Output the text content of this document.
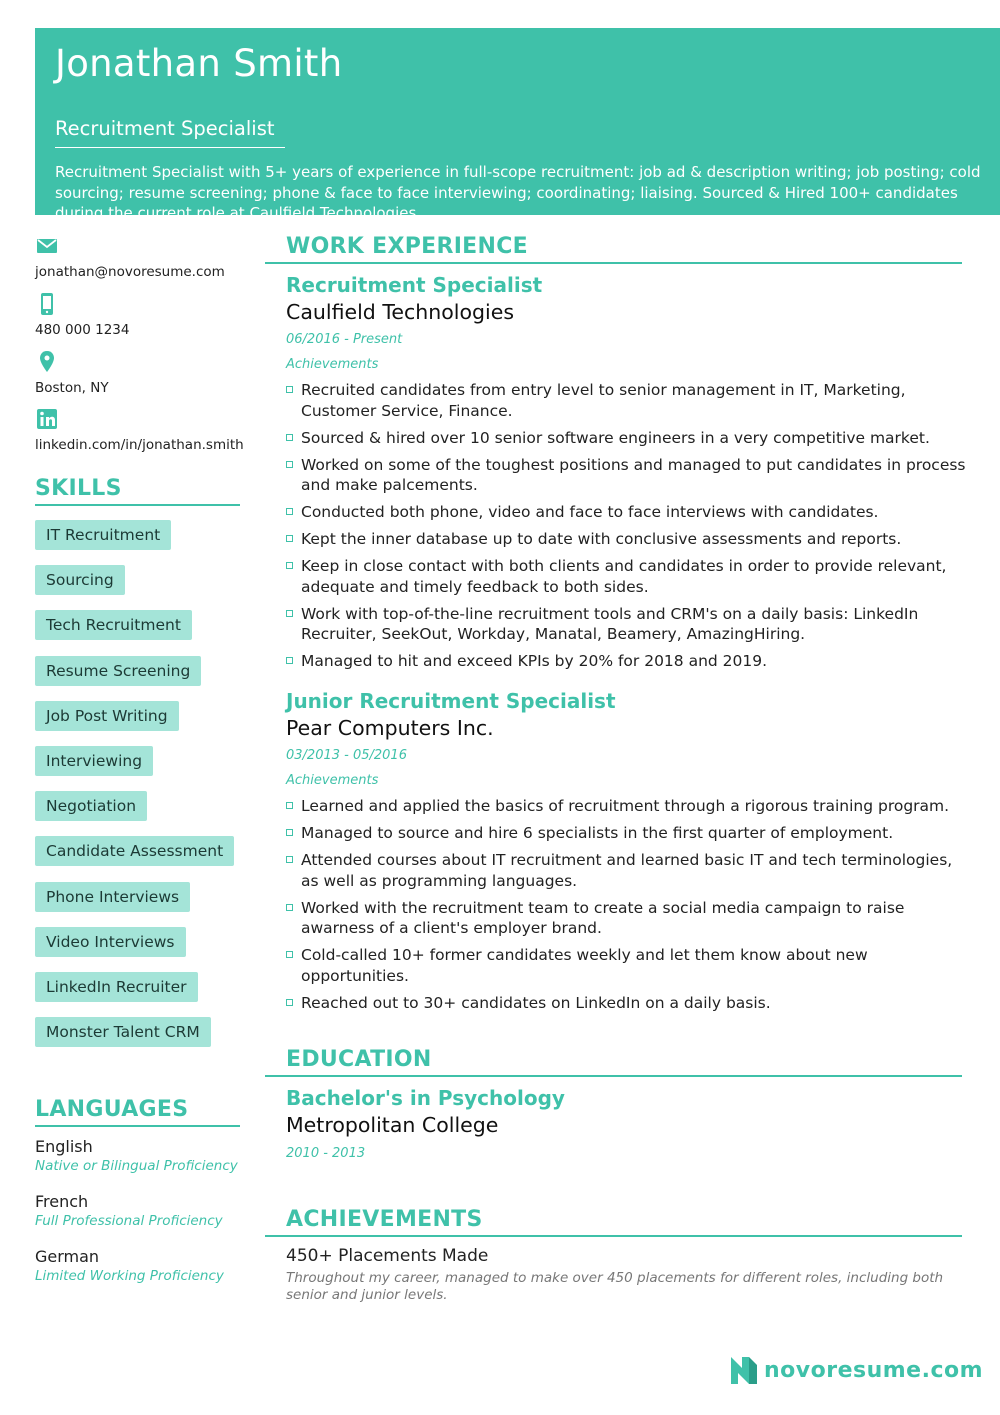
Jonathan Smith
Recruitment Specialist

Recruitment Specialist with 5+ years of experience in full-scope recruitment: job ad & description writing; job posting; cold sourcing; resume screening; phone & face to face interviewing; coordinating; liaising. Sourced & Hired 100+ candidates during the current role at Caulfield Technologies.

jonathan@novoresume.com
480 000 1234
Boston, NY
linkedin.com/in/jonathan.smith
SKILLS
IT Recruitment
Sourcing
Tech Recruitment
Resume Screening
Job Post Writing
Interviewing
Negotiation
Candidate Assessment
Phone Interviews
Video Interviews
LinkedIn Recruiter
Monster Talent CRM
LANGUAGES
English
Native or Bilingual Proficiency
French
Full Professional Proficiency
German
Limited Working Proficiency
WORK EXPERIENCE
Recruitment Specialist
Caulfield Technologies
06/2016 - Present
Achievements
Recruited candidates from entry level to senior management in IT, Marketing, Customer Service, Finance.
Sourced & hired over 10 senior software engineers in a very competitive market.
Worked on some of the toughest positions and managed to put candidates in process and make palcements.
Conducted both phone, video and face to face interviews with candidates.
Kept the inner database up to date with conclusive assessments and reports.
Keep in close contact with both clients and candidates in order to provide relevant, adequate and timely feedback to both sides.
Work with top-of-the-line recruitment tools and CRM's on a daily basis: LinkedIn Recruiter, SeekOut, Workday, Manatal, Beamery, AmazingHiring.
Managed to hit and exceed KPIs by 20% for 2018 and 2019.
Junior Recruitment Specialist
Pear Computers Inc.
03/2013 - 05/2016
Achievements
Learned and applied the basics of recruitment through a rigorous training program.
Managed to source and hire 6 specialists in the first quarter of employment.
Attended courses about IT recruitment and learned basic IT and tech terminologies, as well as programming languages.
Worked with the recruitment team to create a social media campaign to raise awarness of a client's employer brand.
Cold-called 10+ former candidates weekly and let them know about new opportunities.
Reached out to 30+ candidates on LinkedIn on a daily basis.
EDUCATION
Bachelor's in Psychology
Metropolitan College
2010 - 2013
ACHIEVEMENTS
450+ Placements Made
Throughout my career, managed to make over 450 placements for different roles, including both senior and junior levels.
novoresume.com
